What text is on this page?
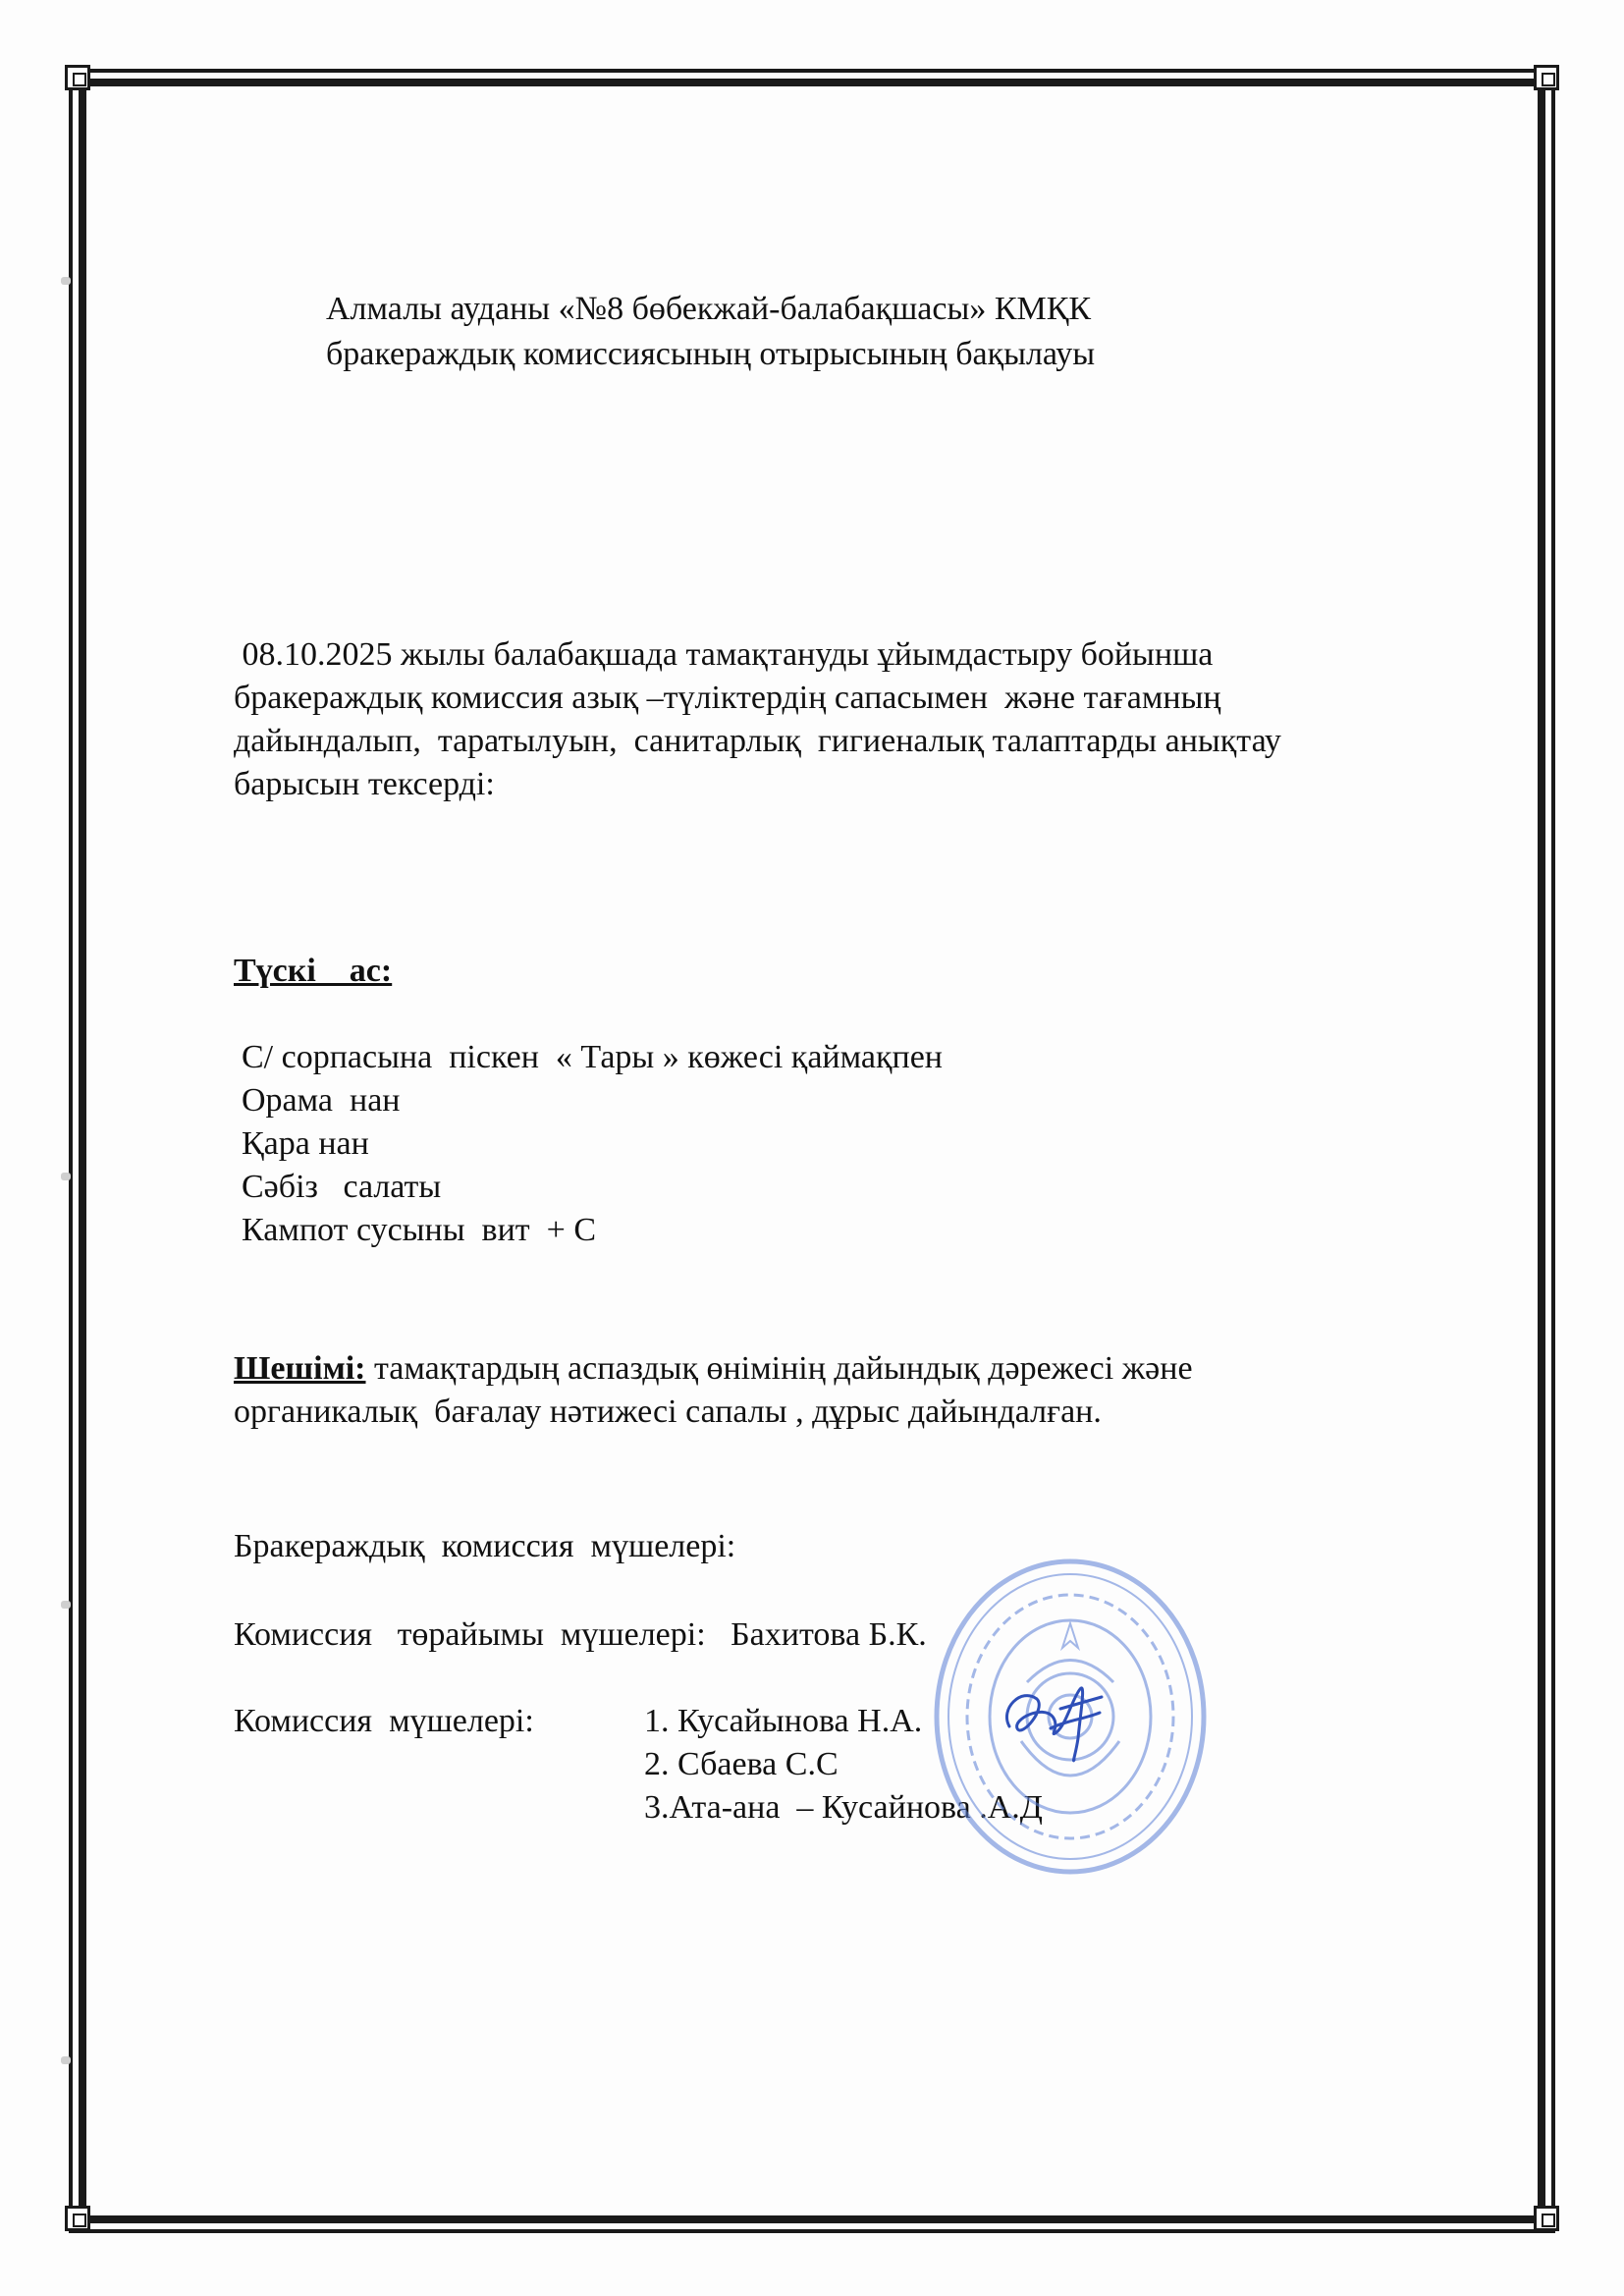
Алмалы ауданы «№8 бөбекжай-балабақшасы» КМҚК
бракераждық комиссиясының отырысының бақылауы
08.10.2025 жылы балабақшада тамақтануды ұйымдастыру бойынша
бракераждық комиссия азық –түліктердің сапасымен  және тағамның
дайындалып,  таратылуын,  санитарлық  гигиеналық талаптарды анықтау
барысын тексерді:
Түскі    ас:
С/ сорпасына  піскен  « Тары » көжесі қаймақпен
Орама  нан
Қара нан
Сәбіз   салаты
Кампот сусыны  вит  + С
Шешімі: тамақтардың аспаздық өнімінің дайындық дәрежесі және
органикалық  бағалау нәтижесі сапалы , дұрыс дайындалған.
Бракераждық  комиссия  мүшелері:
Комиссия   төрайымы  мүшелері:   Бахитова Б.К.
Комиссия  мүшелері:	1. Кусайынова Н.А.
2. Сбаева С.С
3.Ата-ана  – Кусайнова .А.Д
